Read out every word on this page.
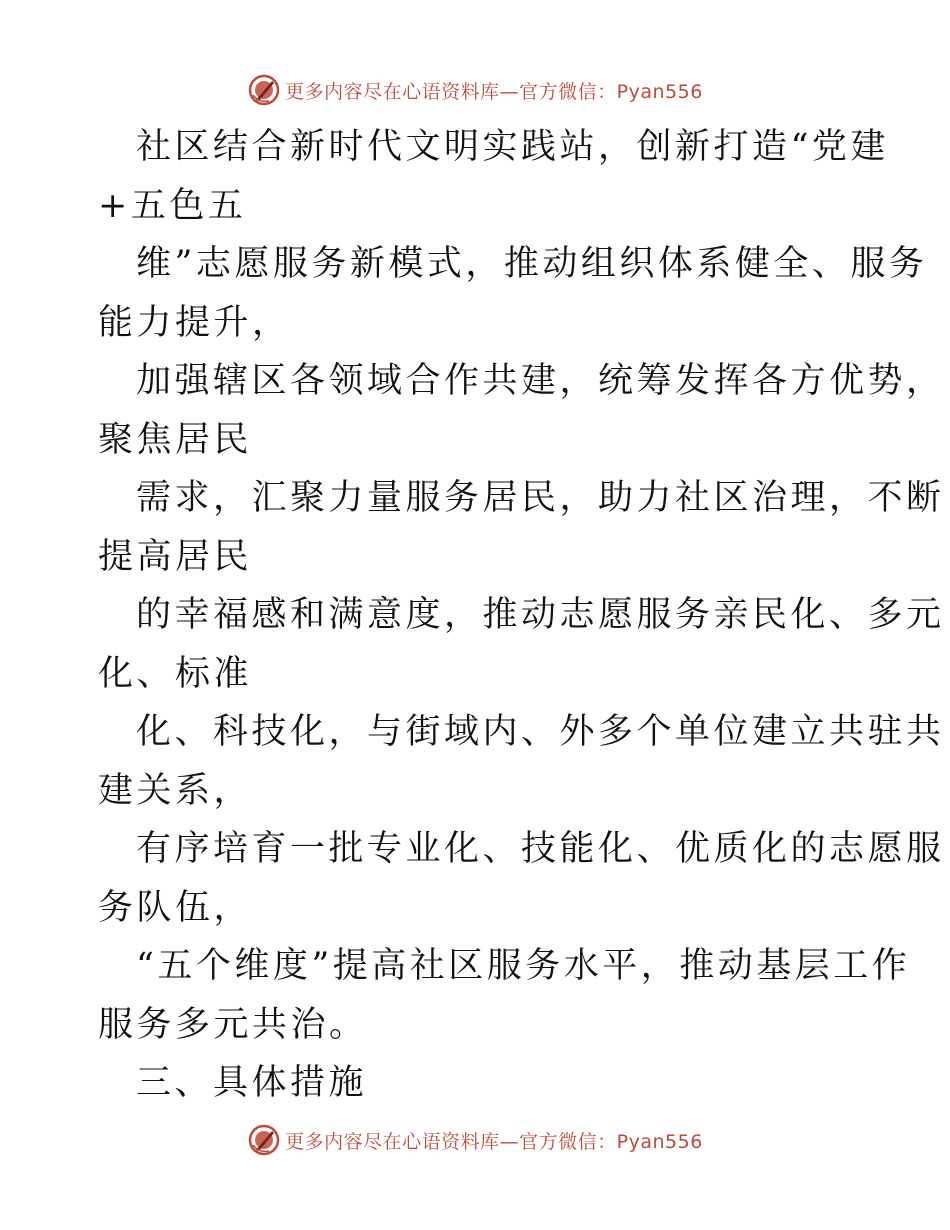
更多内容尽在心语资料库—官方微信：Pyan556
社区结合新时代文明实践站，创新打造“党建
+五色五
维”志愿服务新模式，推动组织体系健全、服务
能力提升，
加强辖区各领域合作共建，统筹发挥各方优势，
聚焦居民
需求，汇聚力量服务居民，助力社区治理，不断
提高居民
的幸福感和满意度，推动志愿服务亲民化、多元
化、标准
化、科技化，与街域内、外多个单位建立共驻共
建关系，
有序培育一批专业化、技能化、优质化的志愿服
务队伍，
“五个维度”提高社区服务水平，推动基层工作
服务多元共治。
三、具体措施
更多内容尽在心语资料库—官方微信：Pyan556
